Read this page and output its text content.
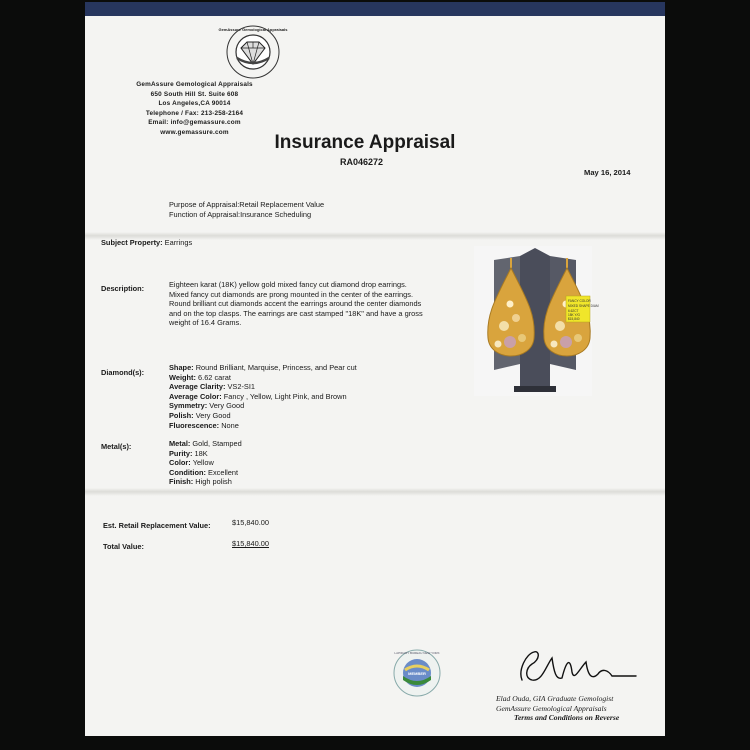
GemAssure Gemological Appraisals
GemAssure Gemological Appraisals
650 South Hill St. Suite 608
Los Angeles,CA 90014
Telephone / Fax: 213-258-2164
Email: info@gemassure.com
www.gemassure.com	Insurance Appraisal
RA046272
May 16, 2014
Purpose of Appraisal:Retail Replacement Value
Function of Appraisal:Insurance Scheduling
Subject Property: Earrings
Description:	Eighteen karat (18K) yellow gold mixed fancy cut diamond drop earrings.
Mixed fancy cut diamonds are prong mounted in the center of the earrings.
Round brilliant cut diamonds accent the earrings around the center diamonds
and on the top clasps. The earrings are cast stamped "18K" and have a gross
weight of 16.4 Grams.
FANCY COLOR
MIXED SHAPE DIAM
6.62CT
18K Y/G
$15,840
Diamond(s):
Shape: Round Brilliant, Marquise, Princess, and Pear cut
Weight: 6.62 carat
Average Clarity: VS2-SI1
Average Color: Fancy , Yellow, Light Pink, and Brown
Symmetry: Very Good
Polish: Very Good
Fluorescence: None
Metal(s):	Metal: Gold, Stamped
Purity: 18K
Color: Yellow
Condition: Excellent
Finish: High polish
Est. Retail Replacement Value:	$15,840.00
Total Value:	$15,840.00
LAPIDARY BUREAU NEW YORK
MEMBER
Elad Ouda
Elad Ouda, GIA Graduate Gemologist
GemAssure Gemological Appraisals
Terms and Conditions on Reverse
